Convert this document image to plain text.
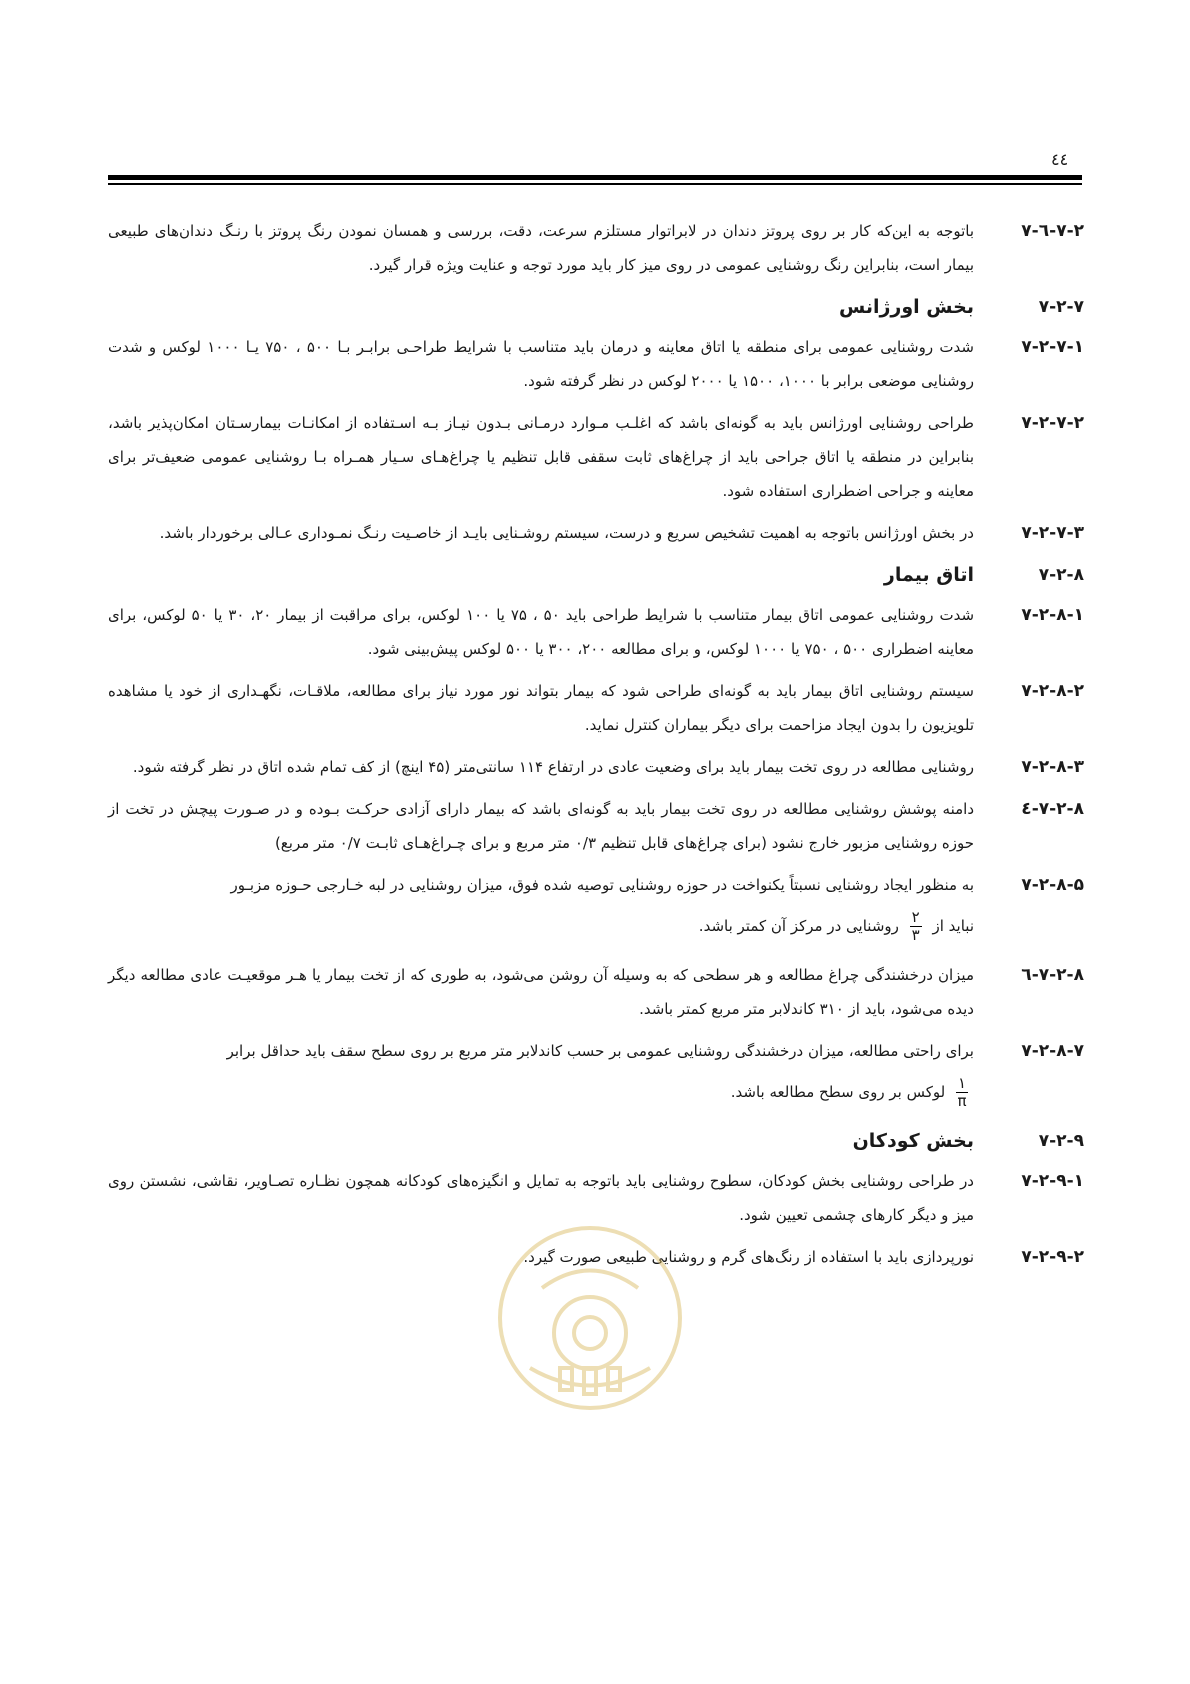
٤٤
۷-۲-٦-۷
باتوجه به این‌که کار بر روی پروتز دندان در لابراتوار مستلزم سرعت، دقت، بررسی و همسان نمودن رنگ پروتز با رنـگ دندان‌های طبیعی بیمار است، بنابراین رنگ روشنایی عمومی در روی میز کار باید مورد توجه و عنایت ویژه قرار گیرد.
۷-۲-۷
بخش اورژانس
۷-۲-۷-۱
شدت روشنایی عمومی برای منطقه یا اتاق معاینه و درمان باید متناسب با شرایط طراحـی برابـر بـا ۵۰۰ ، ۷۵۰ یـا ۱۰۰۰ لوکس و شدت روشنایی موضعی برابر با ۱۰۰۰، ۱۵۰۰ یا ۲۰۰۰ لوکس در نظر گرفته شود.
۷-۲-۷-۲
طراحی روشنایی اورژانس باید به گونه‌ای باشد که اغلـب مـوارد درمـانی بـدون نیـاز بـه اسـتفاده از امکانـات بیمارسـتان امکان‌پذیر باشد، بنابراین در منطقه یا اتاق جراحی باید از چراغ‌های ثابت سقفی قابل تنظیم یا چراغ‌هـای سـیار همـراه بـا روشنایی عمومی ضعیف‌تر برای معاینه و جراحی اضطراری استفاده شود.
۷-۲-۷-۳
در بخش اورژانس باتوجه به اهمیت تشخیص سریع و درست، سیستم روشـنایی بایـد از خاصـیت رنـگ نمـوداری عـالی برخوردار باشد.
۷-۲-۸
اتاق بیمار
۷-۲-۸-۱
شدت روشنایی عمومی اتاق بیمار متناسب با شرایط طراحی باید ۵۰ ، ۷۵ یا ۱۰۰ لوکس، برای مراقبت از بیمار ۲۰، ۳۰ یا ۵۰ لوکس، برای معاینه اضطراری ۵۰۰ ، ۷۵۰ یا ۱۰۰۰ لوکس، و برای مطالعه ۲۰۰، ۳۰۰ یا ۵۰۰ لوکس پیش‌بینی شود.
۷-۲-۸-۲
سیستم روشنایی اتاق بیمار باید به گونه‌ای طراحی شود که بیمار بتواند نور مورد نیاز برای مطالعه، ملاقـات، نگهـداری از خود یا مشاهده تلویزیون را بدون ایجاد مزاحمت برای دیگر بیماران کنترل نماید.
۷-۲-۸-۳
روشنایی مطالعه در روی تخت بیمار باید برای وضعیت عادی در ارتفاع ۱۱۴ سانتی‌متر (۴۵ اینچ) از کف تمام شده اتاق در نظر گرفته شود.
۷-۲-۸-٤
دامنه پوشش روشنایی مطالعه در روی تخت بیمار باید به گونه‌ای باشد که بیمار دارای آزادی حرکـت بـوده و در صـورت پیچش در تخت از حوزه روشنایی مزبور خارج نشود (برای چراغ‌های قابل تنظیم ۰/۳ متر مربع و برای چـراغ‌هـای ثابـت ۰/۷ متر مربع)
۷-۲-۸-۵
به منظور ایجاد روشنایی نسبتاً یکنواخت در حوزه روشنایی توصیه شده فوق، میزان روشنایی در لبه خـارجی حـوزه مزبـور
نباید از
$\frac{۲}{۳}$
روشنایی در مرکز آن کمتر باشد.
۷-۲-۸-٦
میزان درخشندگی چراغ مطالعه و هر سطحی که به وسیله آن روشن می‌شود، به طوری که از تخت بیمار یا هـر موقعیـت عادی مطالعه دیگر دیده می‌شود، باید از ۳۱۰ کاندلابر متر مربع کمتر باشد.
۷-۲-۸-۷
برای راحتی مطالعه، میزان درخشندگی روشنایی عمومی بر حسب کاندلابر متر مربع بر روی سطح سقف باید حداقل برابر
$\frac{۱}{\pi}$
لوکس بر روی سطح مطالعه باشد.
۷-۲-۹
بخش کودکان
۷-۲-۹-۱
در طراحی روشنایی بخش کودکان، سطوح روشنایی باید باتوجه به تمایل و انگیزه‌های کودکانه همچون نظـاره تصـاویر، نقاشی، نشستن روی میز و دیگر کارهای چشمی تعیین شود.
۷-۲-۹-۲
نورپردازی باید با استفاده از رنگ‌های گرم و روشنایی طبیعی صورت گیرد.
